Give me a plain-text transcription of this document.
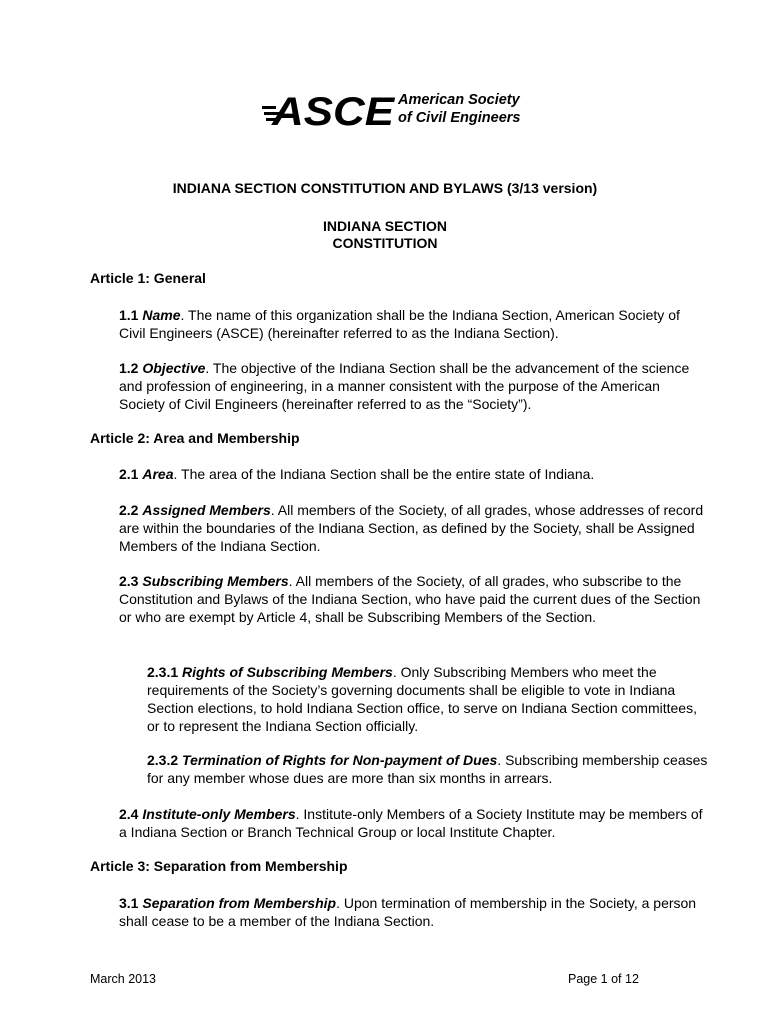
ASCE American Society
of Civil Engineers
INDIANA SECTION CONSTITUTION AND BYLAWS (3/13 version)
INDIANA SECTION
CONSTITUTION
Article 1: General
1.1 Name. The name of this organization shall be the Indiana Section, American Society of Civil Engineers (ASCE) (hereinafter referred to as the Indiana Section).
1.2 Objective. The objective of the Indiana Section shall be the advancement of the science and profession of engineering, in a manner consistent with the purpose of the American Society of Civil Engineers (hereinafter referred to as the “Society”).
Article 2: Area and Membership
2.1 Area. The area of the Indiana Section shall be the entire state of Indiana.
2.2 Assigned Members. All members of the Society, of all grades, whose addresses of record are within the boundaries of the Indiana Section, as defined by the Society, shall be Assigned Members of the Indiana Section.
2.3 Subscribing Members. All members of the Society, of all grades, who subscribe to the Constitution and Bylaws of the Indiana Section, who have paid the current dues of the Section or who are exempt by Article 4, shall be Subscribing Members of the Section.
2.3.1 Rights of Subscribing Members. Only Subscribing Members who meet the requirements of the Society’s governing documents shall be eligible to vote in Indiana Section elections, to hold Indiana Section office, to serve on Indiana Section committees, or to represent the Indiana Section officially.
2.3.2 Termination of Rights for Non-payment of Dues. Subscribing membership ceases for any member whose dues are more than six months in arrears.
2.4 Institute-only Members. Institute-only Members of a Society Institute may be members of a Indiana Section or Branch Technical Group or local Institute Chapter.
Article 3: Separation from Membership
3.1 Separation from Membership. Upon termination of membership in the Society, a person shall cease to be a member of the Indiana Section.
March 2013	Page 1 of 12
